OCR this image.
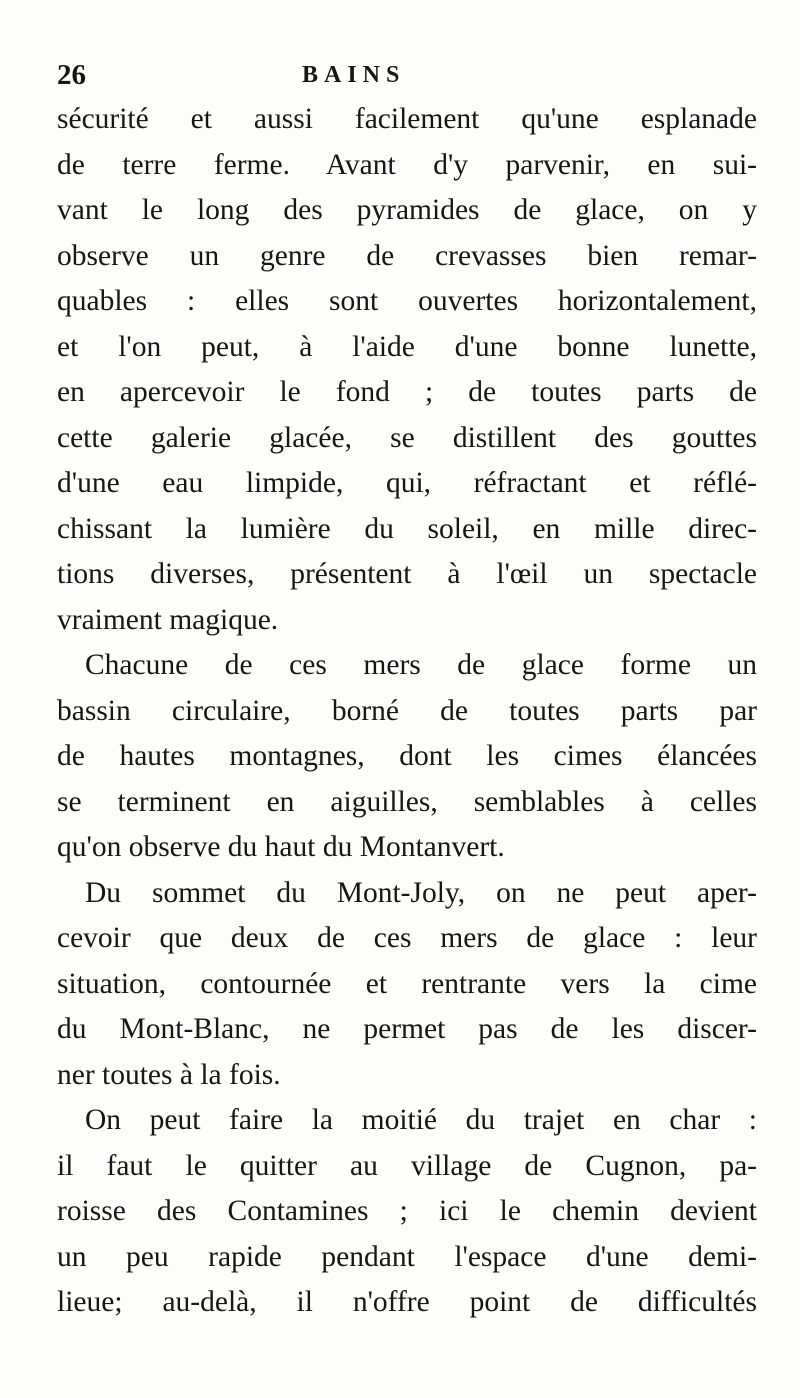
26	BAINS
sécurité et aussi facilement qu'une esplanade
de terre ferme. Avant d'y parvenir, en sui-
vant le long des pyramides de glace, on y
observe un genre de crevasses bien remar-
quables : elles sont ouvertes horizontalement,
et l'on peut, à l'aide d'une bonne lunette,
en apercevoir le fond ; de toutes parts de
cette galerie glacée, se distillent des gouttes
d'une eau limpide, qui, réfractant et réflé-
chissant la lumière du soleil, en mille direc-
tions diverses, présentent à l'œil un spectacle
vraiment magique.
Chacune de ces mers de glace forme un
bassin circulaire, borné de toutes parts par
de hautes montagnes, dont les cimes élancées
se terminent en aiguilles, semblables à celles
qu'on observe du haut du Montanvert.
Du sommet du Mont-Joly, on ne peut aper-
cevoir que deux de ces mers de glace : leur
situation, contournée et rentrante vers la cime
du Mont-Blanc, ne permet pas de les discer-
ner toutes à la fois.
On peut faire la moitié du trajet en char :
il faut le quitter au village de Cugnon, pa-
roisse des Contamines ; ici le chemin devient
un peu rapide pendant l'espace d'une demi-
lieue; au-delà, il n'offre point de difficultés
